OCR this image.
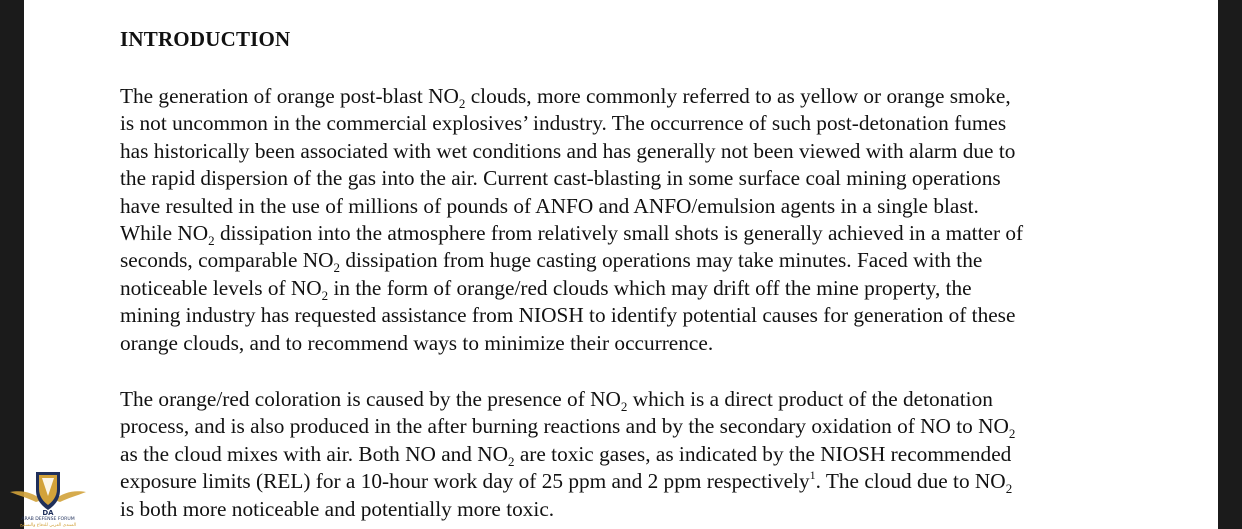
INTRODUCTION
The generation of orange post-blast $NO_2$ clouds, more commonly referred to as yellow or orange smoke,
is not uncommon in the commercial explosives’ industry. The occurrence of such post-detonation fumes
has historically been associated with wet conditions and has generally not been viewed with alarm due to
the rapid dispersion of the gas into the air. Current cast-blasting in some surface coal mining operations
have resulted in the use of millions of pounds of ANFO and ANFO/emulsion agents in a single blast.
While $NO_2$ dissipation into the atmosphere from relatively small shots is generally achieved in a matter of
seconds, comparable $NO_2$ dissipation from huge casting operations may take minutes. Faced with the
noticeable levels of $NO_2$ in the form of orange/red clouds which may drift off the mine property, the
mining industry has requested assistance from NIOSH to identify potential causes for generation of these
orange clouds, and to recommend ways to minimize their occurrence.
The orange/red coloration is caused by the presence of $NO_2$ which is a direct product of the detonation
process, and is also produced in the after burning reactions and by the secondary oxidation of NO to $NO_2$
as the cloud mixes with air. Both NO and $NO_2$ are toxic gases, as indicated by the NIOSH recommended
exposure limits (REL) for a 10-hour work day of 25 ppm and 2 ppm respectively$^1$. The cloud due to $NO_2$
is both more noticeable and potentially more toxic.
DA
ARAB DEFENSE FORUM
المنتدى العربي للدفاع والتسليح
